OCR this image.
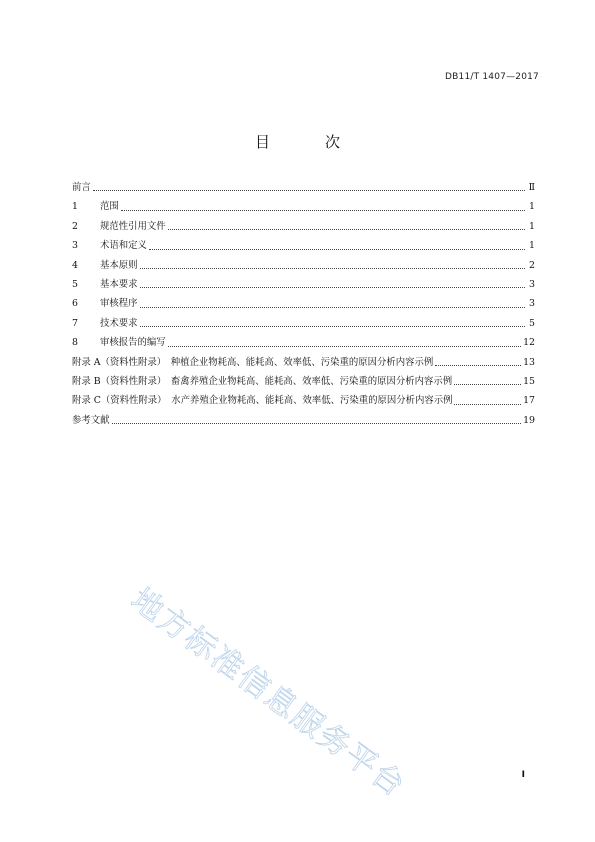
DB11/T 1407—2017
目　次
前言	Ⅱ
1	范围	1
2	规范性引用文件	1
3	术语和定义	1
4	基本原则	2
5	基本要求	3
6	审核程序	3
7	技术要求	5
8	审核报告的编写	12
附录 A（资料性附录）　种植企业物耗高、能耗高、效率低、污染重的原因分析内容示例	13
附录 B（资料性附录）　畜禽养殖企业物耗高、能耗高、效率低、污染重的原因分析内容示例	15
附录 C（资料性附录）　水产养殖企业物耗高、能耗高、效率低、污染重的原因分析内容示例	17
参考文献	19
地方标准信息服务平台	I
